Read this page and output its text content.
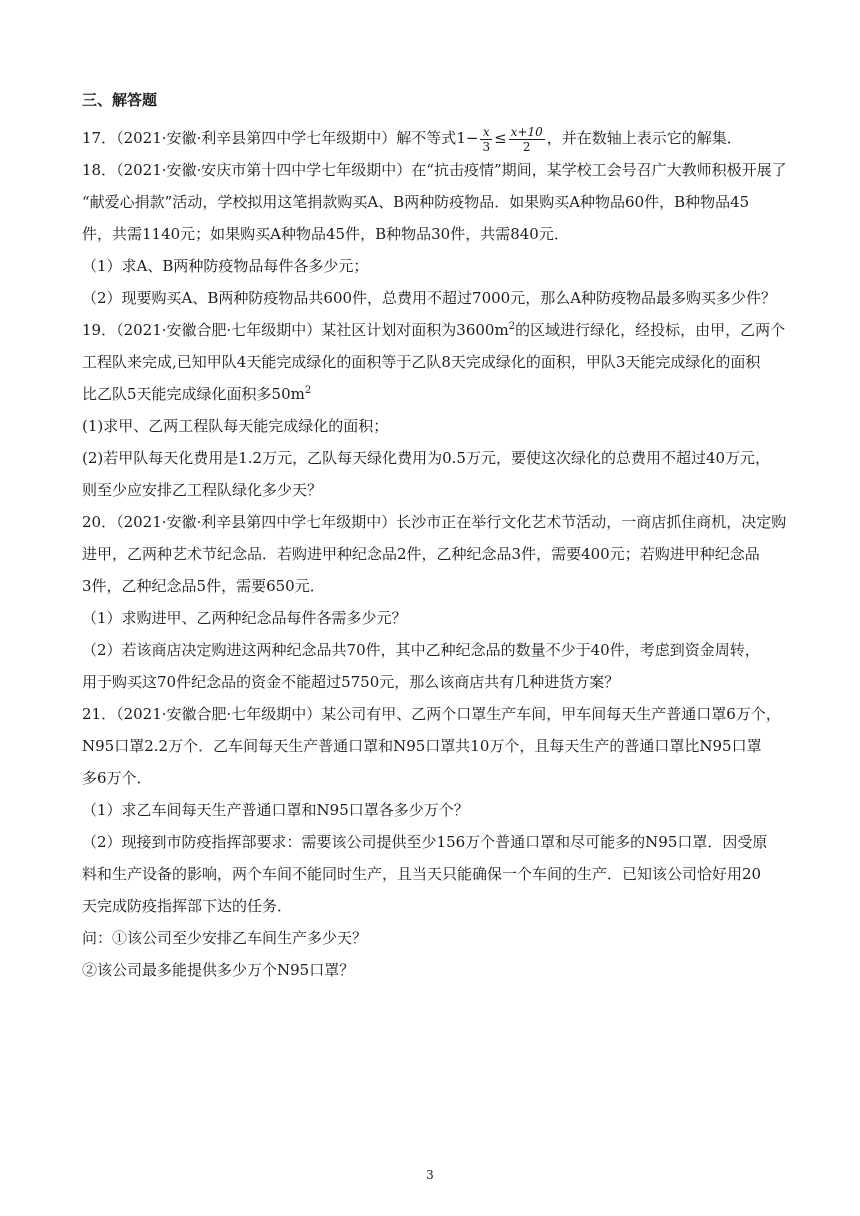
三、解答题
17．（2021·安徽·利辛县第四中学七年级期中）解不等式$1- \frac{x}{3} \le \frac{x+10}{2}$ ，并在数轴上表示它的解集．
18．（2021·安徽·安庆市第十四中学七年级期中）在“抗击疫情”期间，某学校工会号召广大教师积极开展了
“献爱心捐款”活动，学校拟用这笔捐款购买A、B两种防疫物品．如果购买A种物品60件，B种物品45
件，共需1140元；如果购买A种物品45件，B种物品30件，共需840元．
（1）求A、B两种防疫物品每件各多少元；
（2）现要购买A、B两种防疫物品共600件，总费用不超过7000元，那么A种防疫物品最多购买多少件？
19．（2021·安徽合肥·七年级期中）某社区计划对面积为$3600m^2$的区域进行绿化，经投标，由甲，乙两个
工程队来完成,已知甲队4天能完成绿化的面积等于乙队8天完成绿化的面积，甲队3天能完成绿化的面积
比乙队5天能完成绿化面积多$50m^2$
(1)求甲、乙两工程队每天能完成绿化的面积；
(2)若甲队每天化费用是1.2万元，乙队每天绿化费用为0.5万元，要使这次绿化的总费用不超过40万元，
则至少应安排乙工程队绿化多少天？
20．（2021·安徽·利辛县第四中学七年级期中）长沙市正在举行文化艺术节活动，一商店抓住商机，决定购
进甲，乙两种艺术节纪念品．若购进甲种纪念品2件，乙种纪念品3件，需要400元；若购进甲种纪念品
3件，乙种纪念品5件，需要650元．
（1）求购进甲、乙两种纪念品每件各需多少元？
（2）若该商店决定购进这两种纪念品共70件，其中乙种纪念品的数量不少于40件，考虑到资金周转，
用于购买这70件纪念品的资金不能超过5750元，那么该商店共有几种进货方案？
21．（2021·安徽合肥·七年级期中）某公司有甲、乙两个口罩生产车间，甲车间每天生产普通口罩6万个，
N95口罩2.2万个．乙车间每天生产普通口罩和N95口罩共10万个，且每天生产的普通口罩比N95口罩
多6万个．
（1）求乙车间每天生产普通口罩和N95口罩各多少万个？
（2）现接到市防疫指挥部要求：需要该公司提供至少156万个普通口罩和尽可能多的N95口罩．因受原
料和生产设备的影响，两个车间不能同时生产，且当天只能确保一个车间的生产．已知该公司恰好用20
天完成防疫指挥部下达的任务．
问：①该公司至少安排乙车间生产多少天？
②该公司最多能提供多少万个N95口罩？
3
